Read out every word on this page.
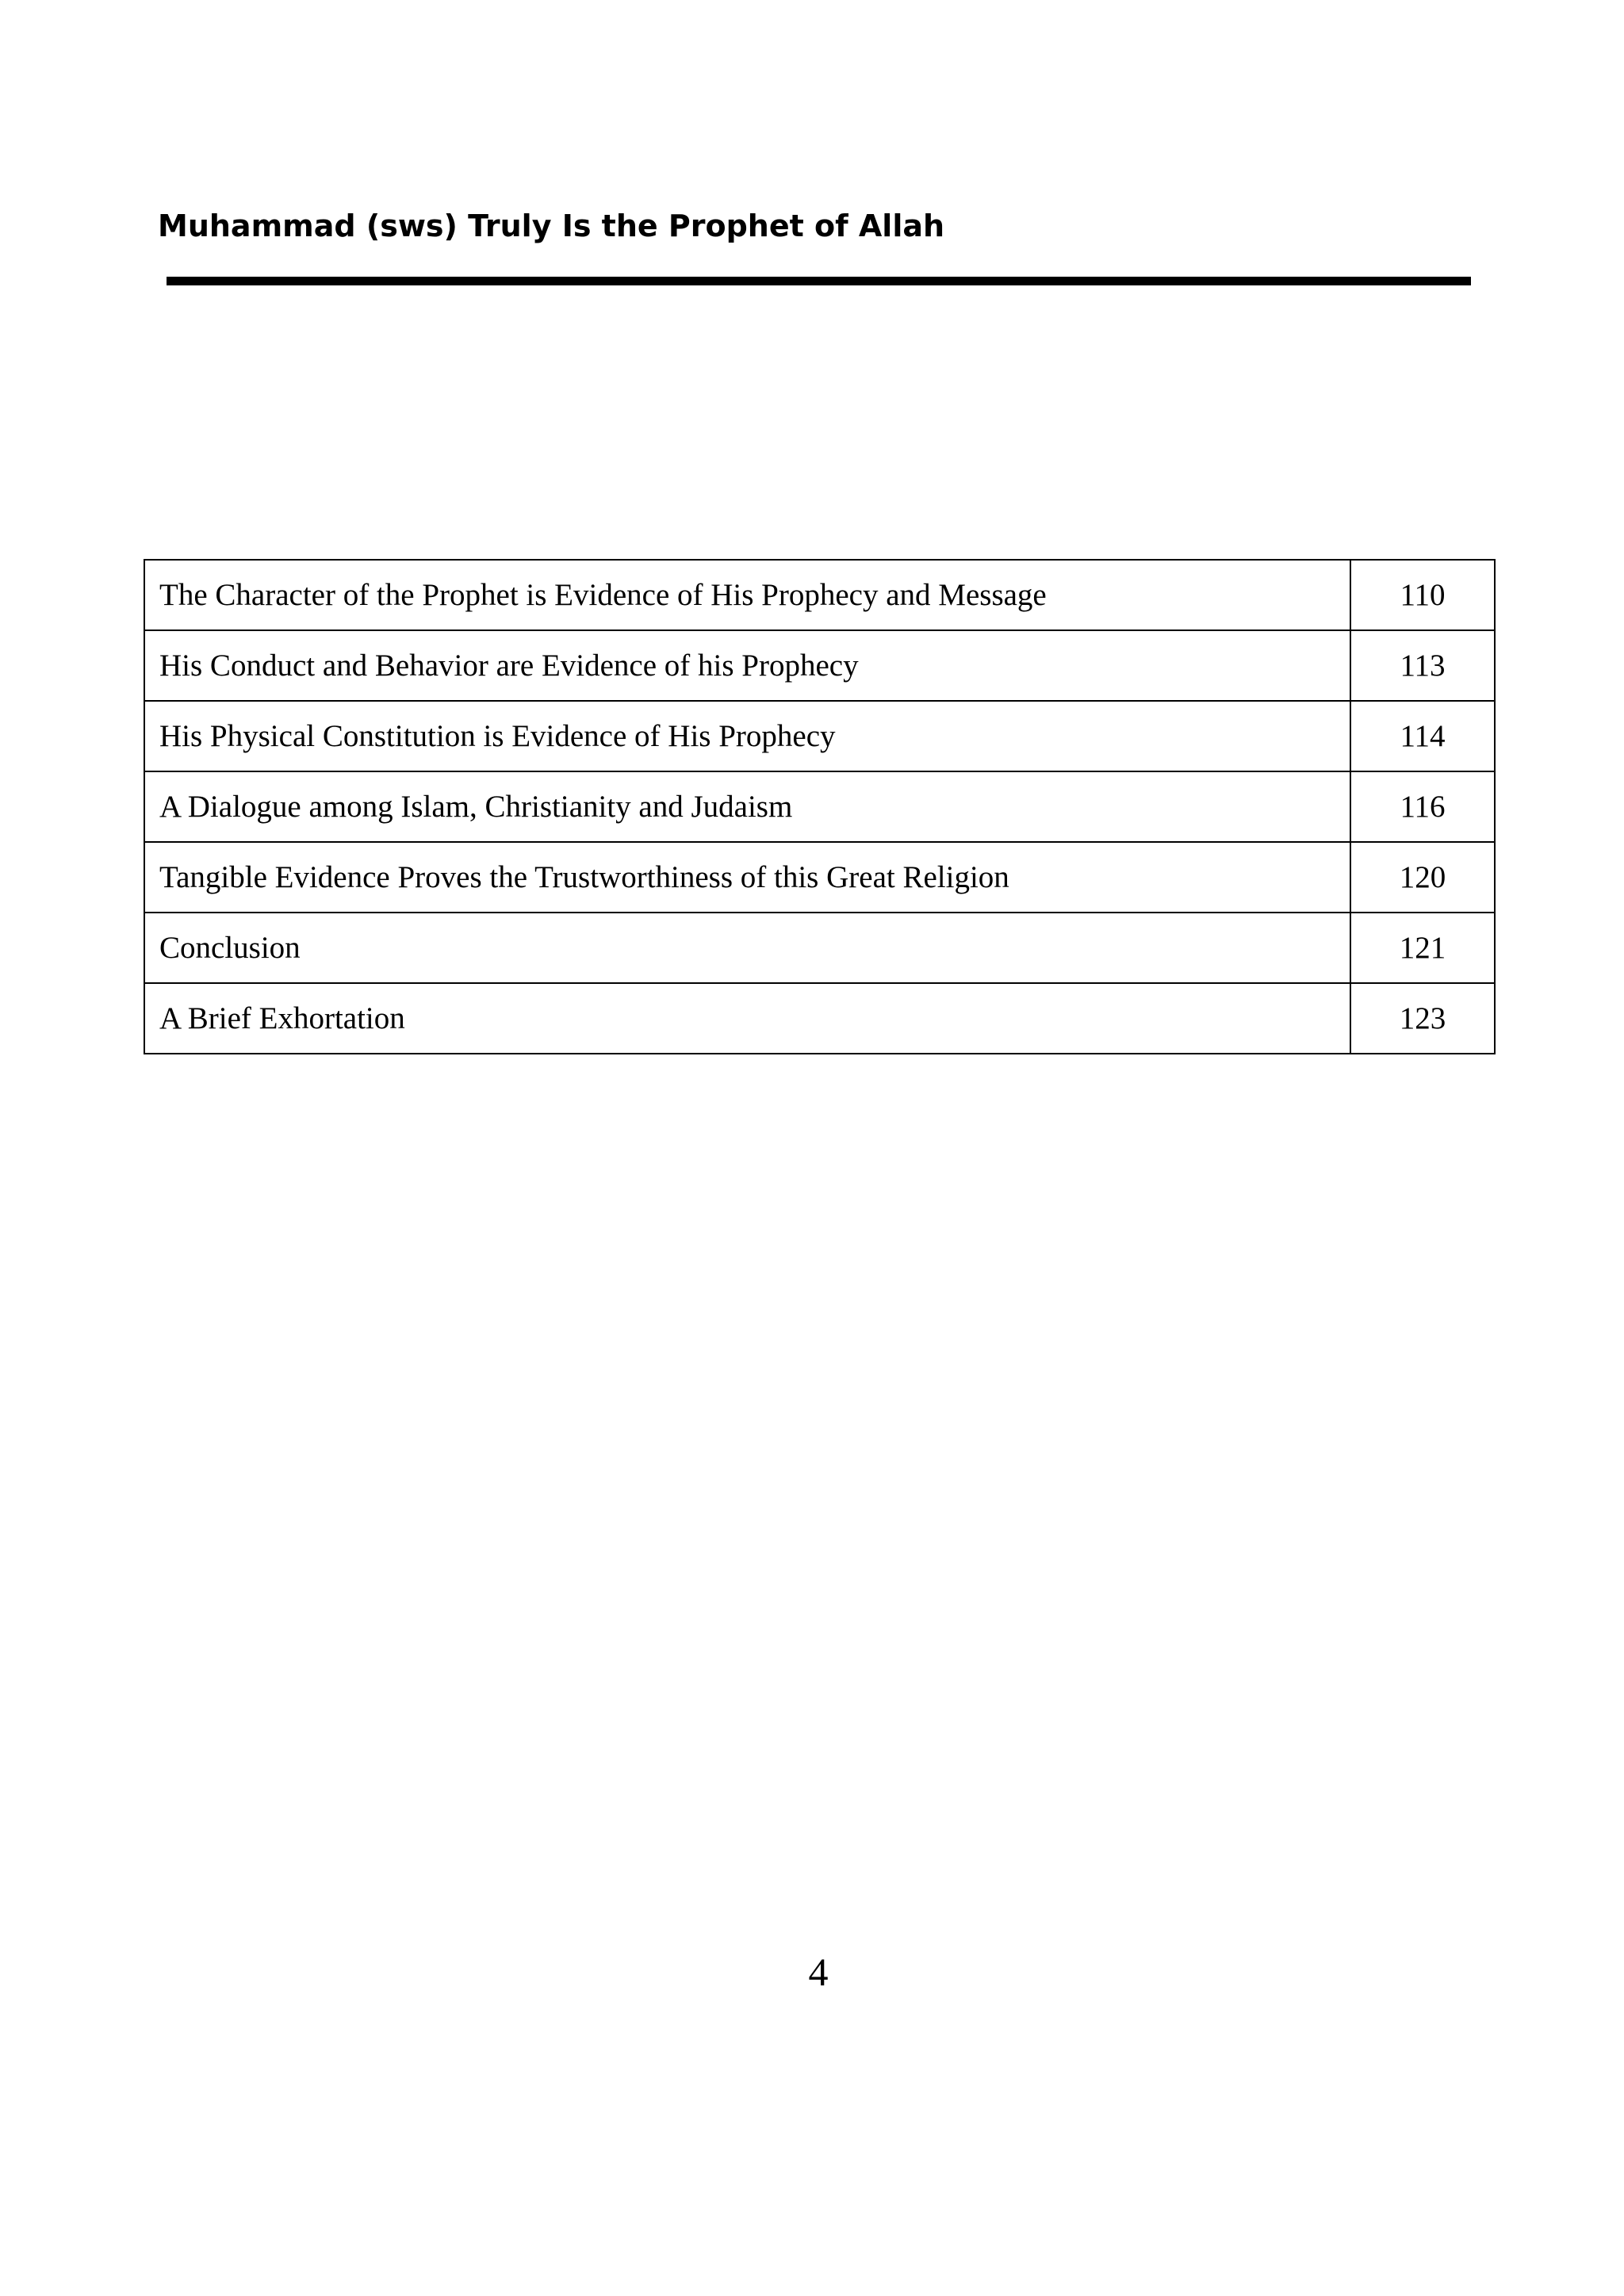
Muhammad (sws) Truly Is the Prophet of Allah
The Character of the Prophet is Evidence of His Prophecy and Message	110
His Conduct and Behavior are Evidence of his Prophecy	113
His Physical Constitution is Evidence of His Prophecy	114
A Dialogue among Islam, Christianity and Judaism	116
Tangible Evidence Proves the Trustworthiness of this Great Religion	120
Conclusion	121
A Brief Exhortation	123
4
